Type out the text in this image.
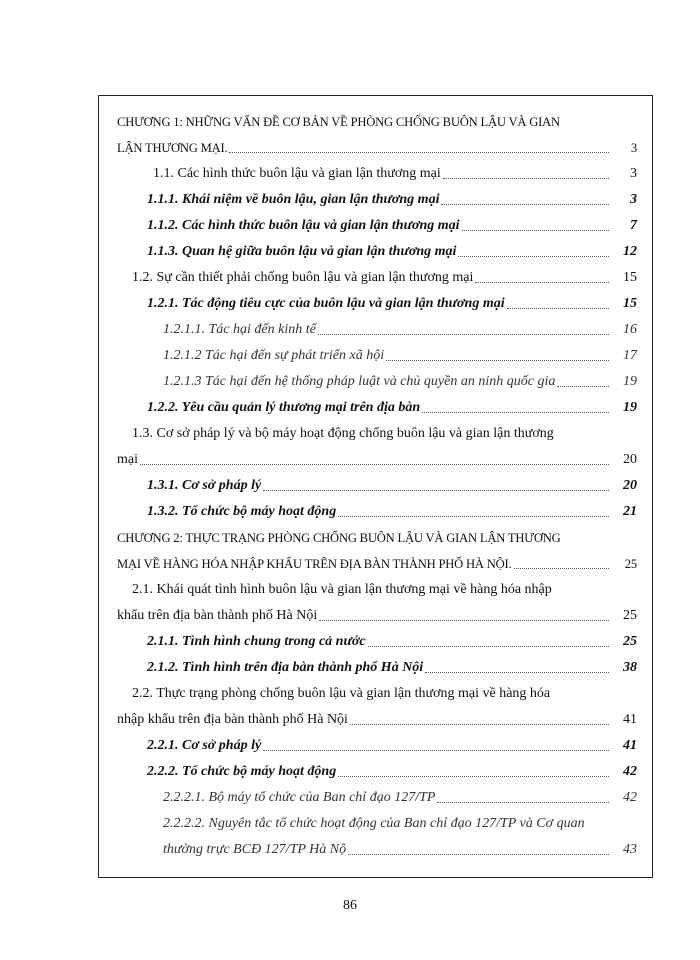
CHƯƠNG 1: NHỮNG VẤN ĐỀ CƠ BẢN VỀ PHÒNG CHỐNG BUÔN LẬU VÀ GIAN
LẬN THƯƠNG MẠI.	3
1.1. Các hình thức buôn lậu và gian lận thương mại	3
1.1.1. Khái niệm về buôn lậu, gian lận thương mại	3
1.1.2. Các hình thức buôn lậu và gian lận thương mại	7
1.1.3. Quan hệ giữa buôn lậu và gian lận thương mại	12
1.2. Sự cần thiết phải chống buôn lậu và gian lận thương mại	15
1.2.1. Tác động tiêu cực của buôn lậu và gian lận thương mại	15
1.2.1.1. Tác hại đến kinh tế	16
1.2.1.2 Tác hại đến sự phát triển xã hội	17
1.2.1.3 Tác hại đến hệ thống pháp luật và chủ quyền an ninh quốc gia	19
1.2.2. Yêu cầu quản lý thương mại trên địa bàn	19
1.3. Cơ sở pháp lý và bộ máy hoạt động chống buôn lậu và gian lận thương
mại	20
1.3.1. Cơ sở pháp lý	20
1.3.2. Tổ chức bộ máy hoạt động	21
CHƯƠNG 2: THỰC TRẠNG PHÒNG CHỐNG BUÔN LẬU VÀ GIAN LẬN THƯƠNG
MẠI VỀ HÀNG HÓA NHẬP KHẨU TRÊN ĐỊA BÀN THÀNH PHỐ HÀ NỘI.	25
2.1. Khái quát tình hình buôn lậu và gian lận thương mại về hàng hóa nhập
khẩu trên địa bàn thành phố Hà Nội	25
2.1.1. Tình hình chung trong cả nước	25
2.1.2. Tình hình trên địa bàn thành phố Hà Nội	38
2.2. Thực trạng phòng chống buôn lậu và gian lận thương mại về hàng hóa
nhập khẩu trên địa bàn thành phố Hà Nội	41
2.2.1. Cơ sở pháp lý	41
2.2.2. Tổ chức bộ máy hoạt động	42
2.2.2.1. Bộ máy tổ chức của Ban chỉ đạo 127/TP	42
2.2.2.2. Nguyên tắc tổ chức hoạt động của Ban chỉ đạo 127/TP và Cơ quan
thường trực BCĐ 127/TP Hà Nộ	43
86
